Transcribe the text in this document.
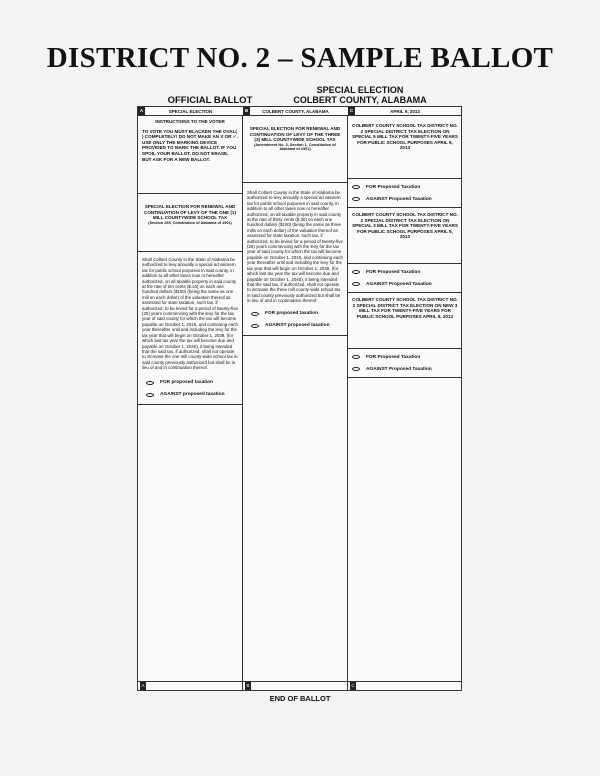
DISTRICT NO. 2 – SAMPLE BALLOT
OFFICIAL BALLOT
SPECIAL ELECTION
COLBERT COUNTY, ALABAMA
A	SPECIAL ELECTION	B	COLBERT COUNTY, ALABAMA	C	APRIL 9, 2013
INSTRUCTIONS TO THE VOTER
TO VOTE YOU MUST BLACKEN THE OVAL( ) COMPLETELY! DO NOT MAKE AN X OR ✓. USE ONLY THE MARKING DEVICE PROVIDED TO MARK THE BALLOT. IF YOU SPOIL YOUR BALLOT, DO NOT ERASE, BUT ASK FOR A NEW BALLOT.
SPECIAL ELECTION FOR RENEWAL AND CONTINUATION OF LEVY OF THE ONE (1) MILL COUNTYWIDE SCHOOL TAX
(Section 269, Constitution of Alabama of 1901)
Shall Colbert County in the State of Alabama be authorized to levy annually a special ad valorem tax for public school purposes in said county, in addition to all other taxes now or hereafter authorized, on all taxable property in said county at the rate of ten cents ($.10) on each one hundred dollars ($100) (being the same as one mill on each dollar) of the valuation thereof as assessed for state taxation, such tax, if authorized, to be levied for a period of twenty-five (25) years commencing with the levy for the tax year of said county for which the tax will become payable on October 1, 2015, and continuing each year thereafter until and including the levy for the tax year that will begin on October 1, 2039, (for which last tax year the tax will become due and payable on October 1, 2040), it being intended that the said tax, if authorized, shall not operate to increase the one mill county-wide school tax in said county previously authorized but shall be in lieu of and in continuation thereof.
FOR proposed taxation
AGAINST proposed taxation
SPECIAL ELECTION FOR RENEWAL AND CONTINUATION OF LEVY OF THE THREE (3) MILL COUNTYWIDE SCHOOL TAX
(Amendment No. 3, Section 1, Constitution of Alabama of 1901)
Shall Colbert County in the State of Alabama be authorized to levy annually a special ad valorem tax for public school purposes in said county, in addition to all other taxes now or hereafter authorized, on all taxable property in said county at the rate of thirty cents ($.30) on each one hundred dollars ($100) (being the same as three mills on each dollar) of the valuation thereof as assessed for state taxation, such tax, if authorized, to be levied for a period of twenty-five (25) years commencing with the levy for the tax year of said county for which the tax will become payable on October 1, 2015, and continuing each year thereafter until and including the levy for the tax year that will begin on October 1, 2039, (for which last tax year the tax will become due and payable on October 1, 2040), it being intended that the said tax, if authorized, shall not operate to increase the three mill county-wide school tax in said county previously authorized but shall be in lieu of and in continuation thereof.
FOR proposed taxation
AGAINST proposed taxation
COLBERT COUNTY SCHOOL TAX DISTRICT NO. 2 SPECIAL DISTRICT TAX ELECTION ON SPECIAL 5 MILL TAX FOR TWENTY-FIVE YEARS FOR PUBLIC SCHOOL PURPOSES APRIL 9, 2013
FOR Proposed Taxation
AGAINST Proposed Taxation
COLBERT COUNTY SCHOOL TAX DISTRICT NO. 2 SPECIAL DISTRICT TAX ELECTION ON SPECIAL 3 MILL TAX FOR TWENTY-FIVE YEARS FOR PUBLIC SCHOOL PURPOSES APRIL 9, 2013
FOR Proposed Taxation
AGAINST Proposed Taxation
COLBERT COUNTY SCHOOL TAX DISTRICT NO. 2 SPECIAL DISTRICT TAX ELECTION ON NEW 3 MILL TAX FOR TWENTY-FIVE YEARS FOR PUBLIC SCHOOL PURPOSES APRIL 9, 2013
FOR Proposed Taxation
AGAINST Proposed Taxation
A	B	C
END OF BALLOT
